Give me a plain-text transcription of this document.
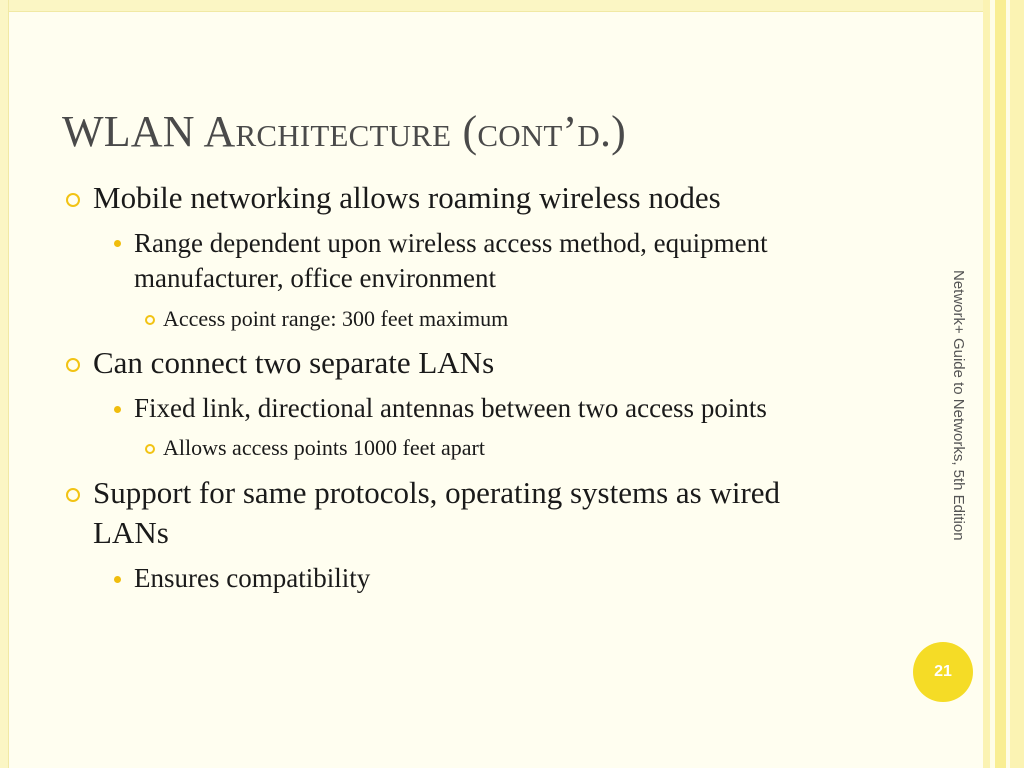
WLAN Architecture (cont’d.)
Mobile networking allows roaming wireless nodes
Range dependent upon wireless access method, equipment
manufacturer, office environment
Access point range: 300 feet maximum
Can connect two separate LANs
Fixed link, directional antennas between two access points
Allows access points 1000 feet apart
Support for same protocols, operating systems as wired
LANs
Ensures compatibility
Network+ Guide to Networks, 5th Edition
21
